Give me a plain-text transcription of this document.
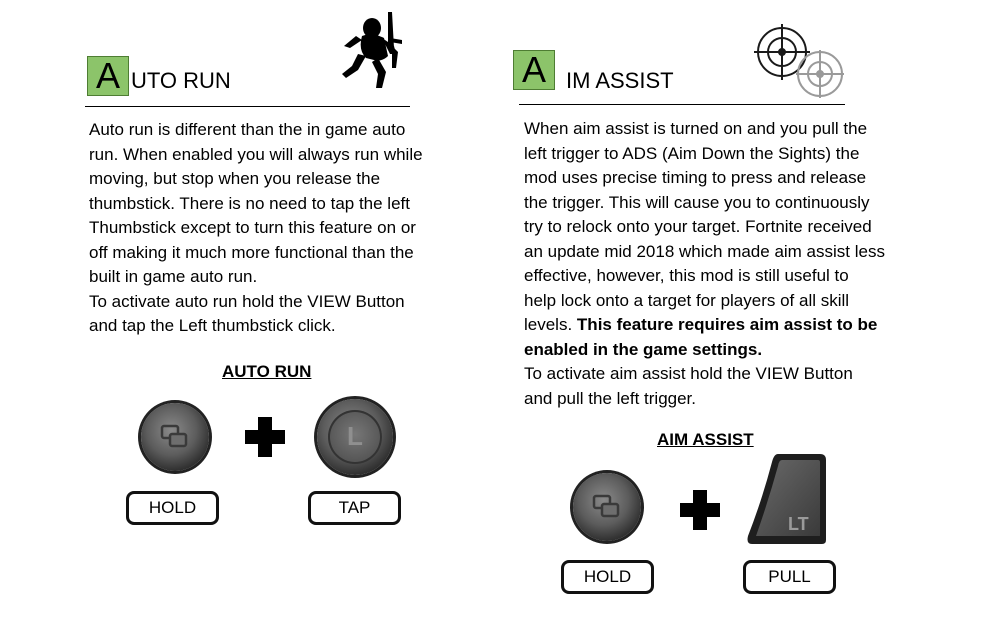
A UTO RUN
Auto run is different than the in game auto
run. When enabled you will always run while
moving, but stop when you release the
thumbstick. There is no need to tap the left
Thumbstick except to turn this feature on or
off making it much more functional than the
built in game auto run.
To activate auto run hold the VIEW Button
and tap the Left thumbstick click.
AUTO RUN
L
HOLD	TAP
A IM ASSIST
When aim assist is turned on and you pull the
left trigger to ADS (Aim Down the Sights) the
mod uses precise timing to press and release
the trigger. This will cause you to continuously
try to relock onto your target. Fortnite received
an update mid 2018 which made aim assist less
effective, however, this mod is still useful to
help lock onto a target for players of all skill
levels. This feature requires aim assist to be
enabled in the game settings.
To activate aim assist hold the VIEW Button
and pull the left trigger.
AIM ASSIST
LT
HOLD	PULL
